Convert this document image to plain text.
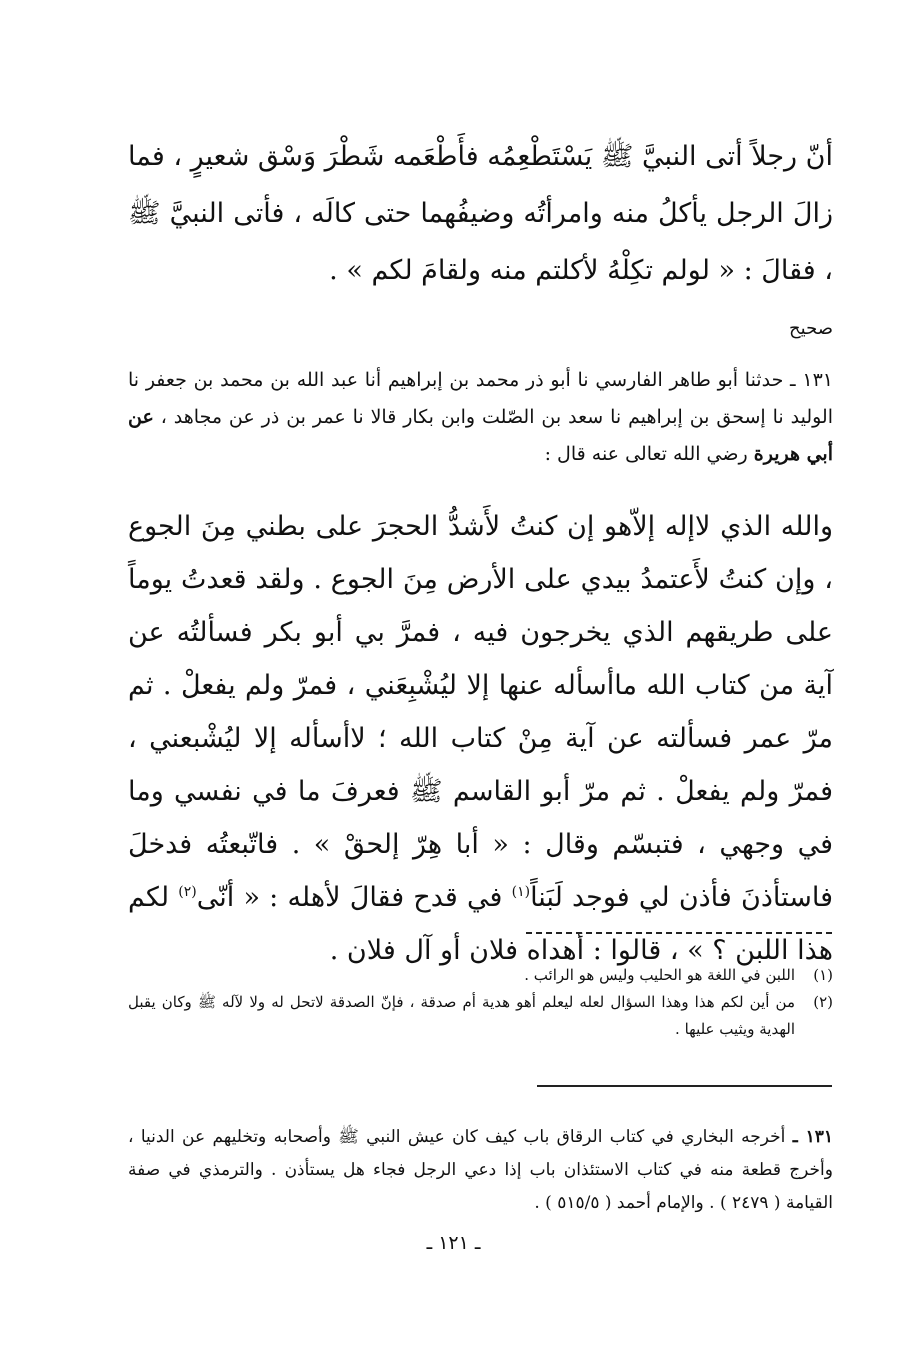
أنّ رجلاً أتى النبيَّ ﷺ يَسْتَطْعِمُه فأَطْعَمه شَطْرَ وَسْق شعيرٍ ، فما زالَ الرجل يأكلُ منه وامرأتُه وضيفُهما حتى كالَه ، فأتى النبيَّ ﷺ ، فقالَ : « لولم تكِلْهُ لأكلتم منه ولقامَ لكم » .
صحيح
١٣١ ـ حدثنا أبو طاهر الفارسي نا أبو ذر محمد بن إبراهيم أنا عبد الله بن محمد بن جعفر نا الوليد نا إسحق بن إبراهيم نا سعد بن الصّلت وابن بكار قالا نا عمر بن ذر عن مجاهد ، عن أبي هريرة رضي الله تعالى عنه قال :
والله الذي لاإله إلاّهو إن كنتُ لأَشدُّ الحجرَ على بطني مِنَ الجوع ، وإن كنتُ لأَعتمدُ بيدي على الأرض مِنَ الجوع . ولقد قعدتُ يوماً على طريقهم الذي يخرجون فيه ، فمرَّ بي أبو بكر فسألتُه عن آية من كتاب الله ماأسأله عنها إلا ليُشْبِعَني ، فمرّ ولم يفعلْ . ثم مرّ عمر فسألته عن آية مِنْ كتاب الله ؛ لاأسأله إلا ليُشْبعني ، فمرّ ولم يفعلْ . ثم مرّ أبو القاسم ﷺ فعرفَ ما في نفسي وما في وجهي ، فتبسّم وقال : « أبا هِرّ إلحقْ » . فاتّبعتُه فدخلَ فاستأذنَ فأذن لي فوجد لَبَناً$^{(١)}$ في قدح فقالَ لأهله : « أنّى$^{(٢)}$ لكم هذا اللبن ؟ » ، قالوا : أهداه فلان أو آل فلان .
(١)
اللبن في اللغة هو الحليب وليس هو الرائب .
(٢)
من أين لكم هذا وهذا السؤال لعله ليعلم أهو هدية أم صدقة ، فإنّ الصدقة لاتحل له ولا لآله ﷺ وكان يقبل الهدية ويثيب عليها .
١٣١ ـ أخرجه البخاري في كتاب الرقاق باب كيف كان عيش النبي ﷺ وأصحابه وتخليهم عن الدنيا ، وأخرج قطعة منه في كتاب الاستئذان باب إذا دعي الرجل فجاء هل يستأذن . والترمذي في صفة القيامة ( ٢٤٧٩ ) . والإمام أحمد ( ٥١٥/٥ ) .
ـ ١٢١ ـ
